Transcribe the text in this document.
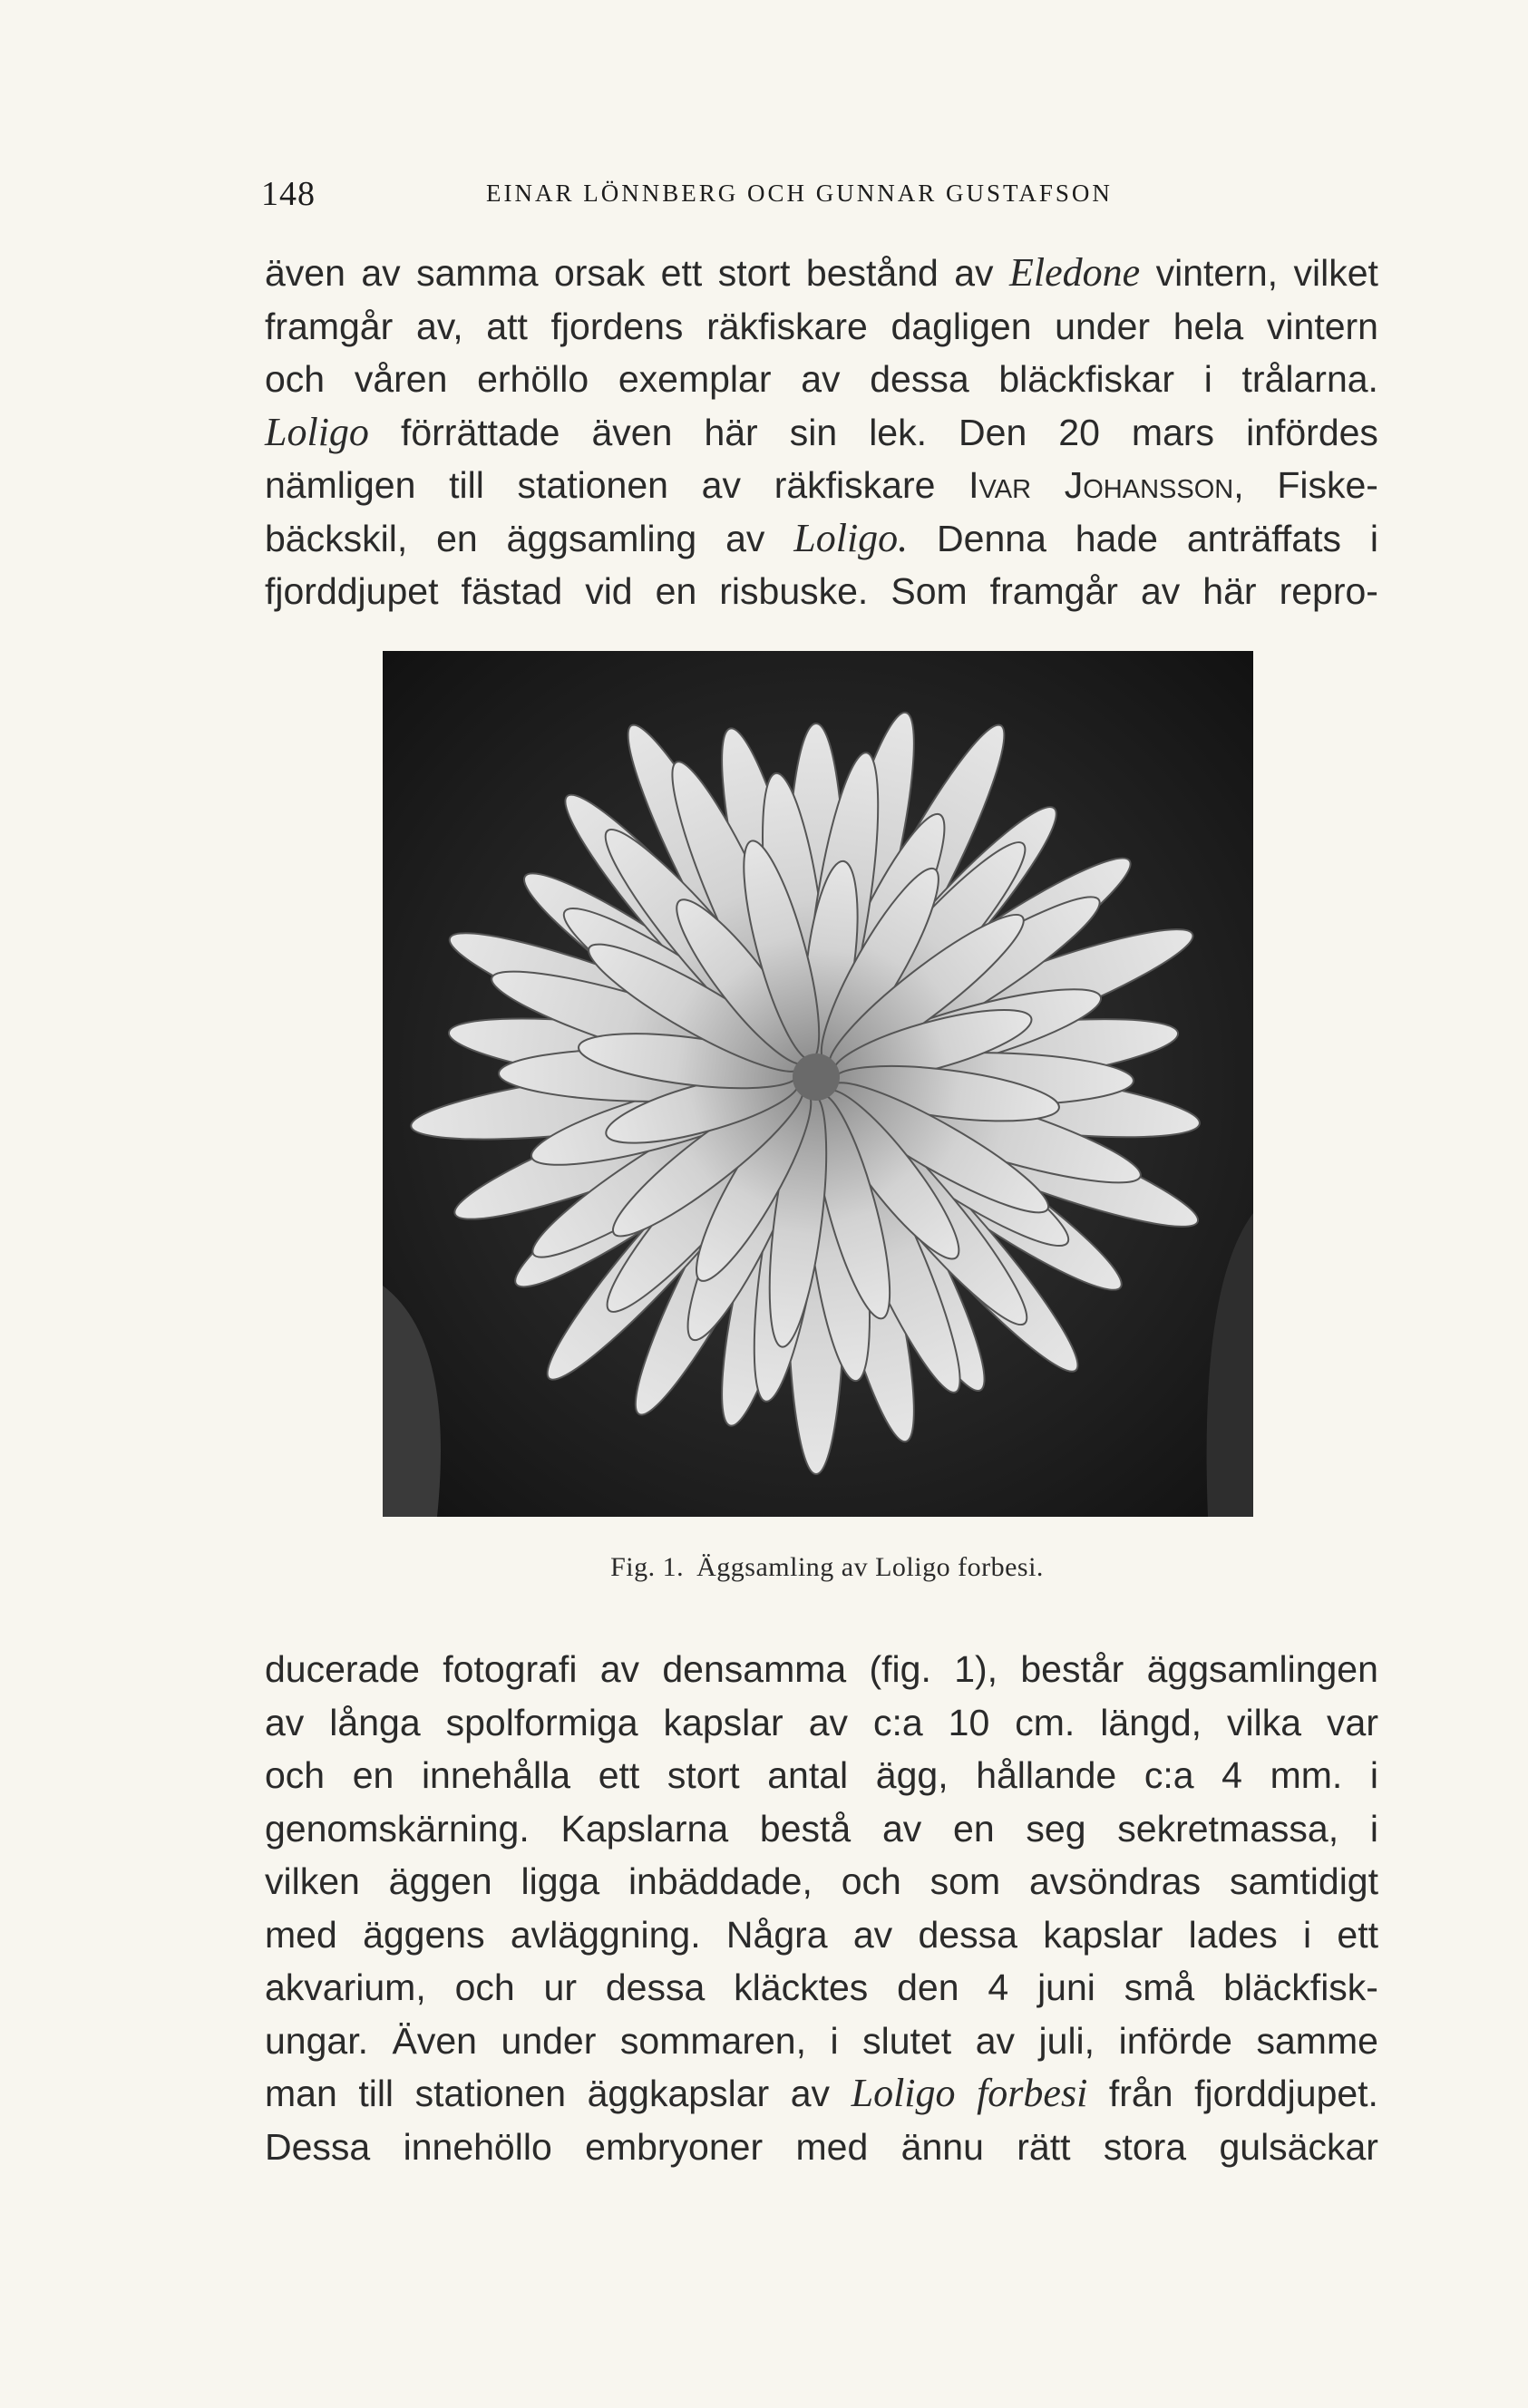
148	EINAR LÖNNBERG OCH GUNNAR GUSTAFSON
även av samma orsak ett stort bestånd av Eledone vintern, vilket
framgår av, att fjordens räkfiskare dagligen under hela vintern
och våren erhöllo exemplar av dessa bläckfiskar i trålarna.
Loligo förrättade även här sin lek. Den 20 mars infördes
nämligen till stationen av räkfiskare Ivar Johansson, Fiske-
bäckskil, en äggsamling av Loligo. Denna hade anträffats i
fjorddjupet fästad vid en risbuske. Som framgår av här repro-
Fig. 1. Äggsamling av Loligo forbesi.
ducerade fotografi av densamma (fig. 1), består äggsamlingen
av långa spolformiga kapslar av c:a 10 cm. längd, vilka var
och en innehålla ett stort antal ägg, hållande c:a 4 mm. i
genomskärning. Kapslarna bestå av en seg sekretmassa, i
vilken äggen ligga inbäddade, och som avsöndras samtidigt
med äggens avläggning. Några av dessa kapslar lades i ett
akvarium, och ur dessa kläcktes den 4 juni små bläckfisk-
ungar. Även under sommaren, i slutet av juli, införde samme
man till stationen äggkapslar av Loligo forbesi från fjorddjupet.
Dessa innehöllo embryoner med ännu rätt stora gulsäckar
